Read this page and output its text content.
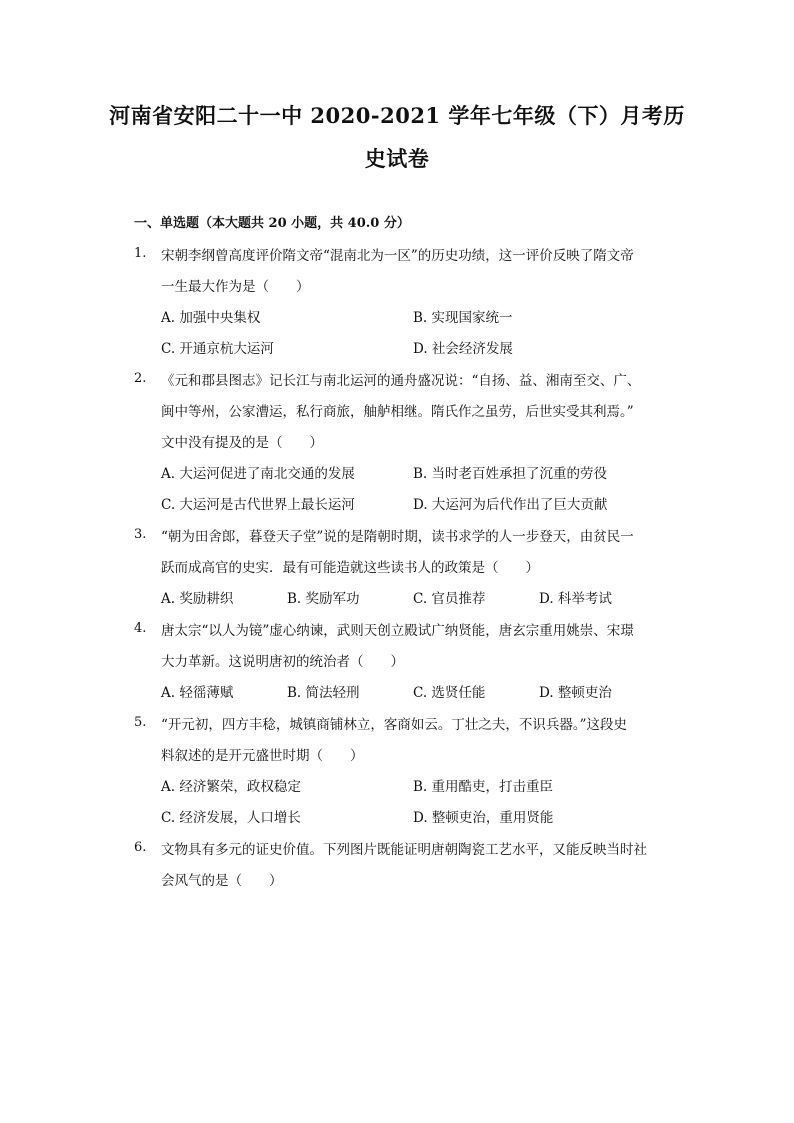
河南省安阳二十一中 2020-2021 学年七年级（下）月考历
史试卷
一、单选题（本大题共 20 小题，共 40.0 分）
1. 宋朝李纲曾高度评价隋文帝“混南北为一区”的历史功绩，这一评价反映了隋文帝
一生最大作为是（　　）
A. 加强中央集权	B. 实现国家统一
C. 开通京杭大运河	D. 社会经济发展
2. 《元和郡县图志》记长江与南北运河的通舟盛况说：“自扬、益、湘南至交、广、
闽中等州，公家漕运，私行商旅，舳舻相继。隋氏作之虽劳，后世实受其利焉。”
文中没有提及的是（　　）
A. 大运河促进了南北交通的发展	B. 当时老百姓承担了沉重的劳役
C. 大运河是古代世界上最长运河	D. 大运河为后代作出了巨大贡献
3. “朝为田舍郎，暮登天子堂”说的是隋朝时期，读书求学的人一步登天，由贫民一
跃而成高官的史实．最有可能造就这些读书人的政策是（　　）
A. 奖励耕织	B. 奖励军功	C. 官员推荐	D. 科举考试
4. 唐太宗“以人为镜”虚心纳谏，武则天创立殿试广纳贤能，唐玄宗重用姚崇、宋璟
大力革新。这说明唐初的统治者（　　）
A. 轻徭薄赋	B. 简法轻刑	C. 选贤任能	D. 整顿吏治
5. “开元初，四方丰稔，城镇商铺林立，客商如云。丁壮之夫，不识兵器。”这段史
料叙述的是开元盛世时期（　　）
A. 经济繁荣，政权稳定	B. 重用酷吏，打击重臣
C. 经济发展，人口增长	D. 整顿吏治，重用贤能
6. 文物具有多元的证史价值。下列图片既能证明唐朝陶瓷工艺水平，又能反映当时社
会风气的是（　　）
